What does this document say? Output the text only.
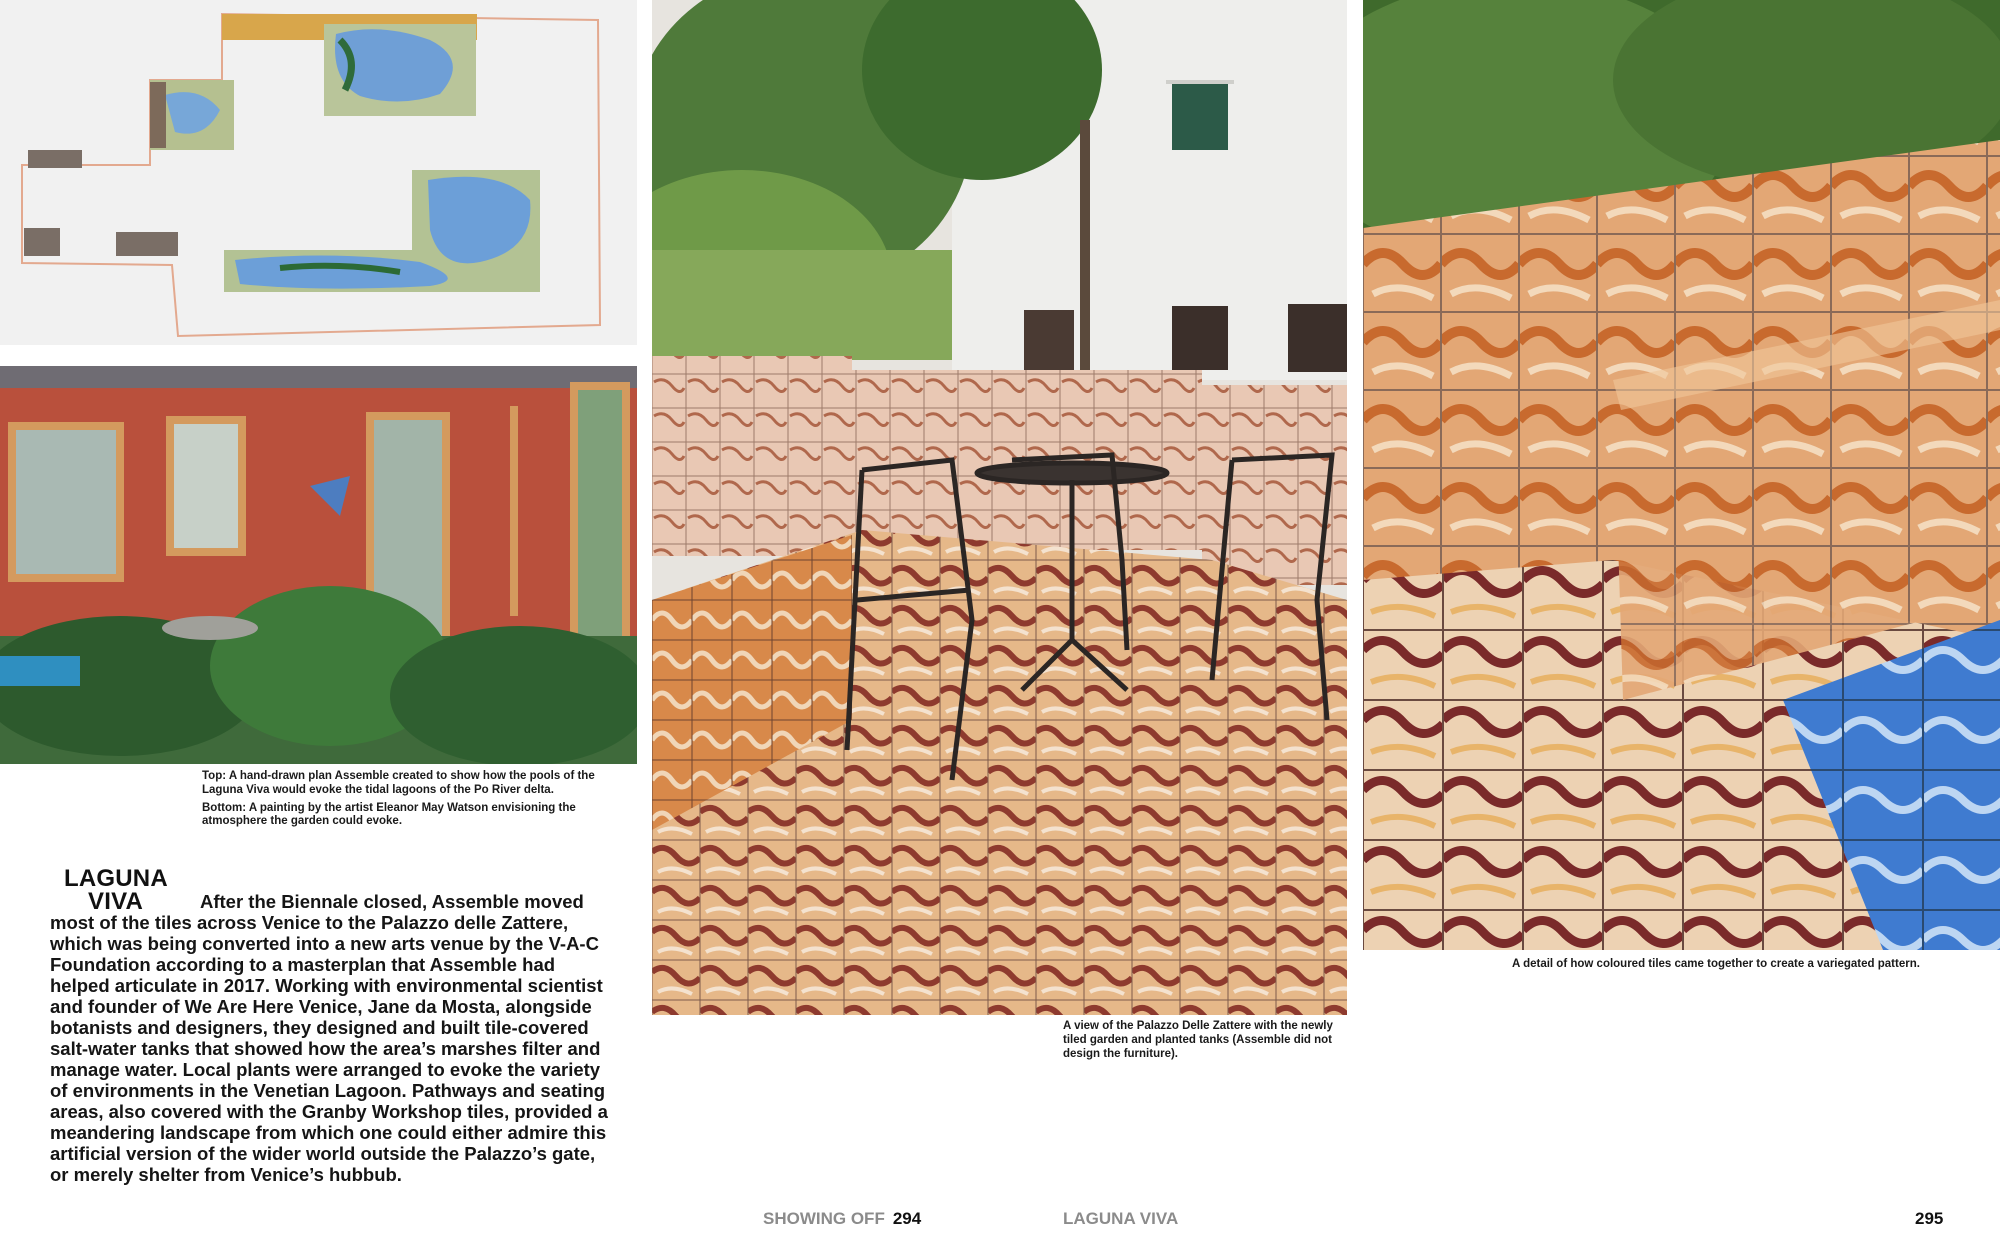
Top: A hand-drawn plan Assemble created to show how the pools of the Laguna Viva would evoke the tidal lagoons of the Po River delta.

Bottom: A painting by the artist Eleanor May Watson envisioning the atmosphere the garden could evoke.

LAGUNA
VIVA	After the Biennale closed, Assemble moved most of the tiles across Venice to the Palazzo delle Zattere, which was being converted into a new arts venue by the V-A-C Foundation according to a masterplan that Assemble had helped articulate in 2017. Working with environmental scientist and founder of We Are Here Venice, Jane da Mosta, alongside botanists and designers, they designed and built tile-covered salt-water tanks that showed how the area’s marshes filter and manage water. Local plants were arranged to evoke the variety of environments in the Venetian Lagoon. Pathways and seating areas, also covered with the Granby Workshop tiles, provided a meandering landscape from which one could either admire this artificial version of the wider world outside the Palazzo’s gate, or merely shelter from Venice’s hubbub.

A view of the Palazzo Delle Zattere with the newly tiled garden and planted tanks (Assemble did not design the furniture).
A detail of how coloured tiles came together to create a variegated pattern.
SHOWING OFF 294	LAGUNA VIVA	295
